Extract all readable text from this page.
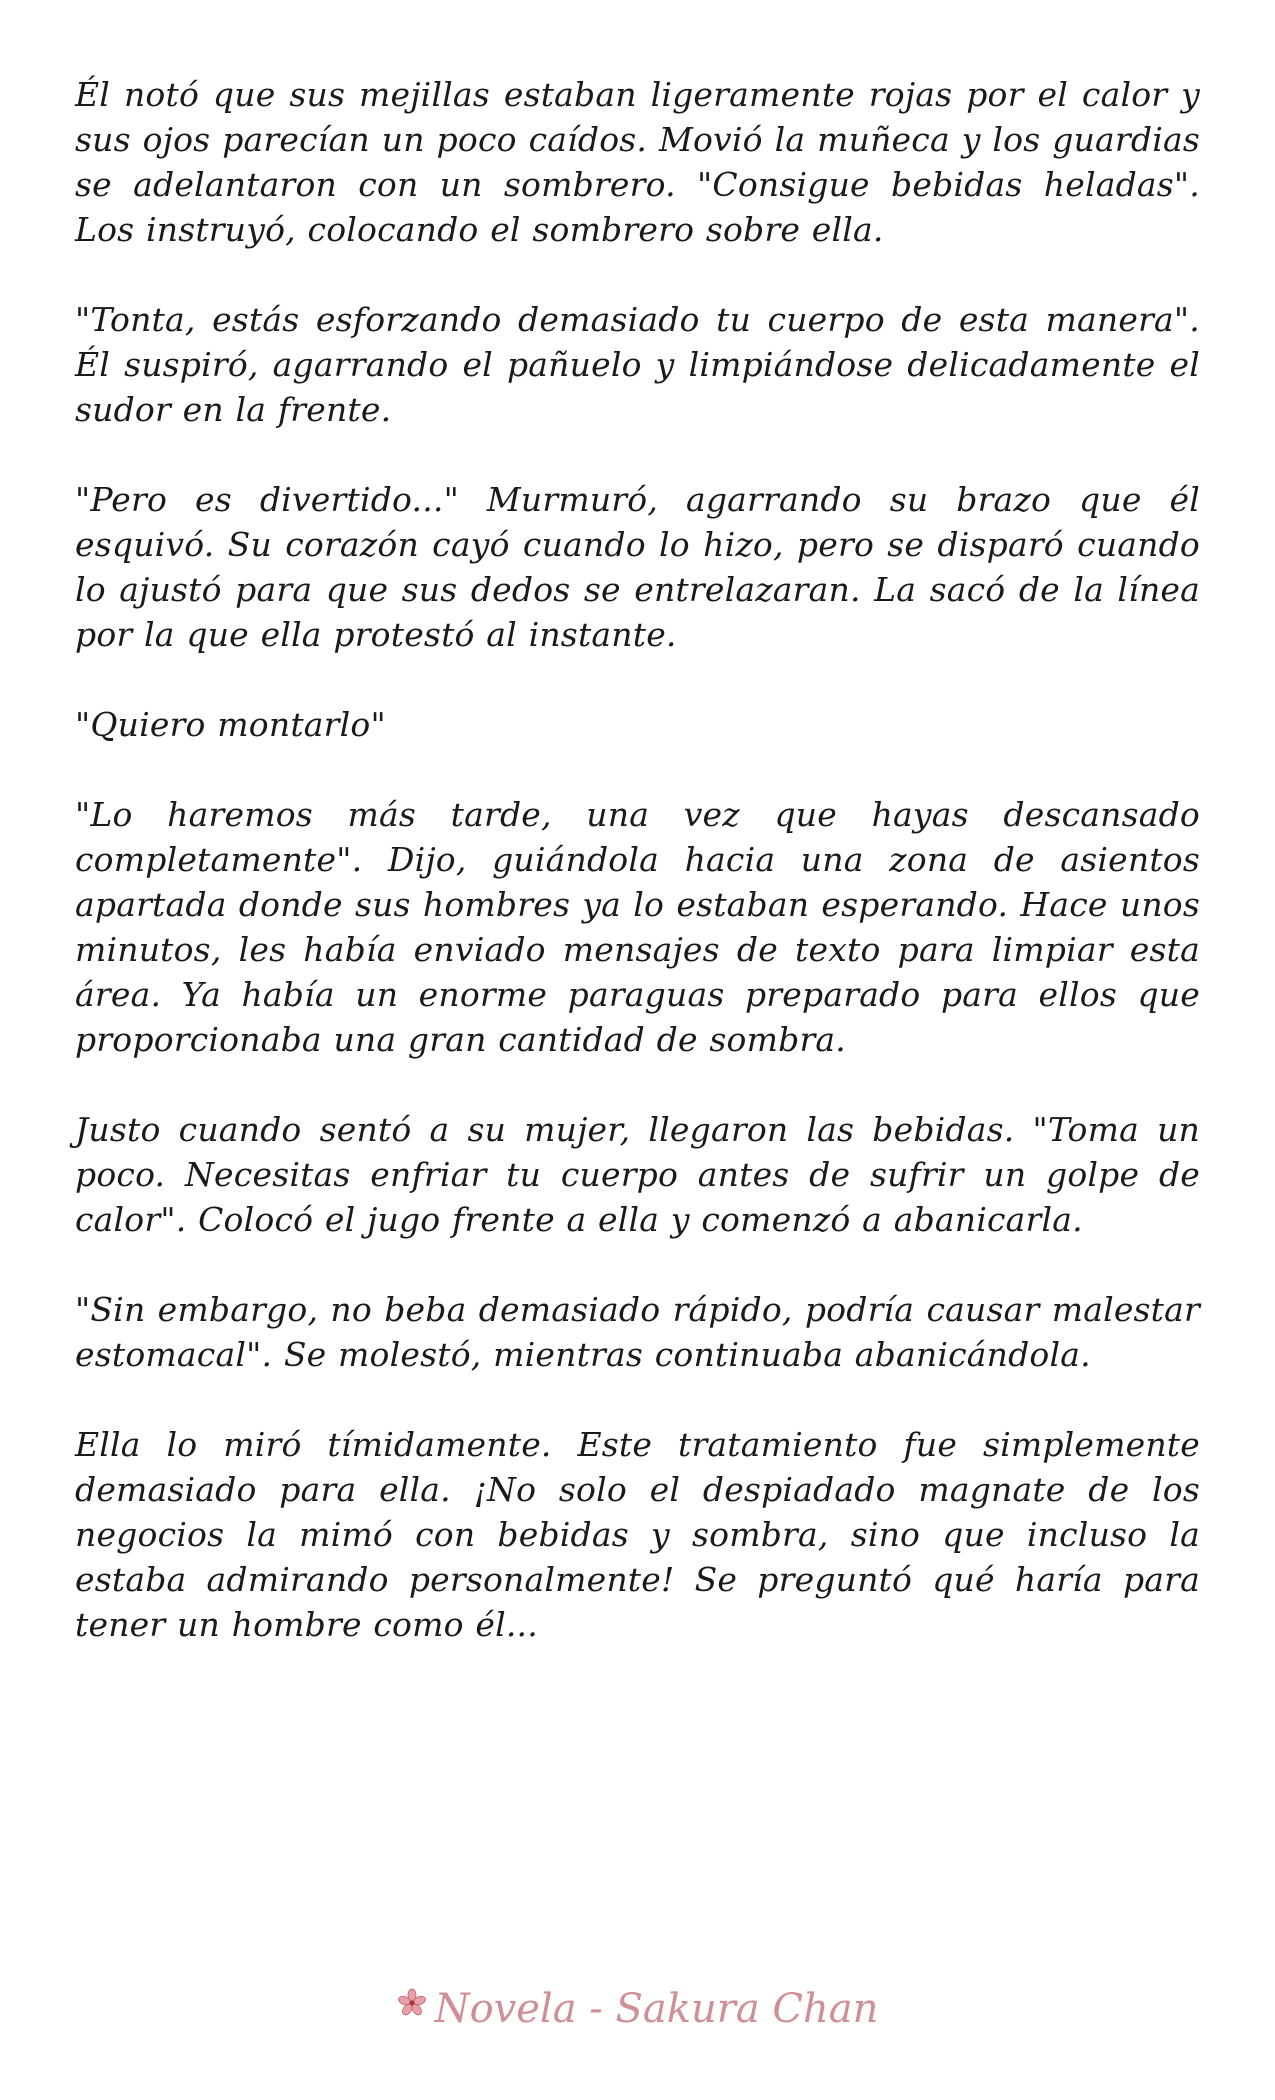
Él notó que sus mejillas estaban ligeramente rojas por el calor y sus ojos parecían un poco caídos. Movió la muñeca y los guardias se adelantaron con un sombrero. "Consigue bebidas heladas". Los instruyó, colocando el sombrero sobre ella.

"Tonta, estás esforzando demasiado tu cuerpo de esta manera". Él suspiró, agarrando el pañuelo y limpiándose delicadamente el sudor en la frente.

"Pero es divertido..." Murmuró, agarrando su brazo que él esquivó. Su corazón cayó cuando lo hizo, pero se disparó cuando lo ajustó para que sus dedos se entrelazaran. La sacó de la línea por la que ella protestó al instante.

"Quiero montarlo"

"Lo haremos más tarde, una vez que hayas descansado completamente". Dijo, guiándola hacia una zona de asientos apartada donde sus hombres ya lo estaban esperando. Hace unos minutos, les había enviado mensajes de texto para limpiar esta área. Ya había un enorme paraguas preparado para ellos que proporcionaba una gran cantidad de sombra.

Justo cuando sentó a su mujer, llegaron las bebidas. "Toma un poco. Necesitas enfriar tu cuerpo antes de sufrir un golpe de calor". Colocó el jugo frente a ella y comenzó a abanicarla.

"Sin embargo, no beba demasiado rápido, podría causar malestar estomacal". Se molestó, mientras continuaba abanicándola.

Ella lo miró tímidamente. Este tratamiento fue simplemente demasiado para ella. ¡No solo el despiadado magnate de los negocios la mimó con bebidas y sombra, sino que incluso la estaba admirando personalmente! Se preguntó qué haría para tener un hombre como él...

Novela - Sakura Chan
